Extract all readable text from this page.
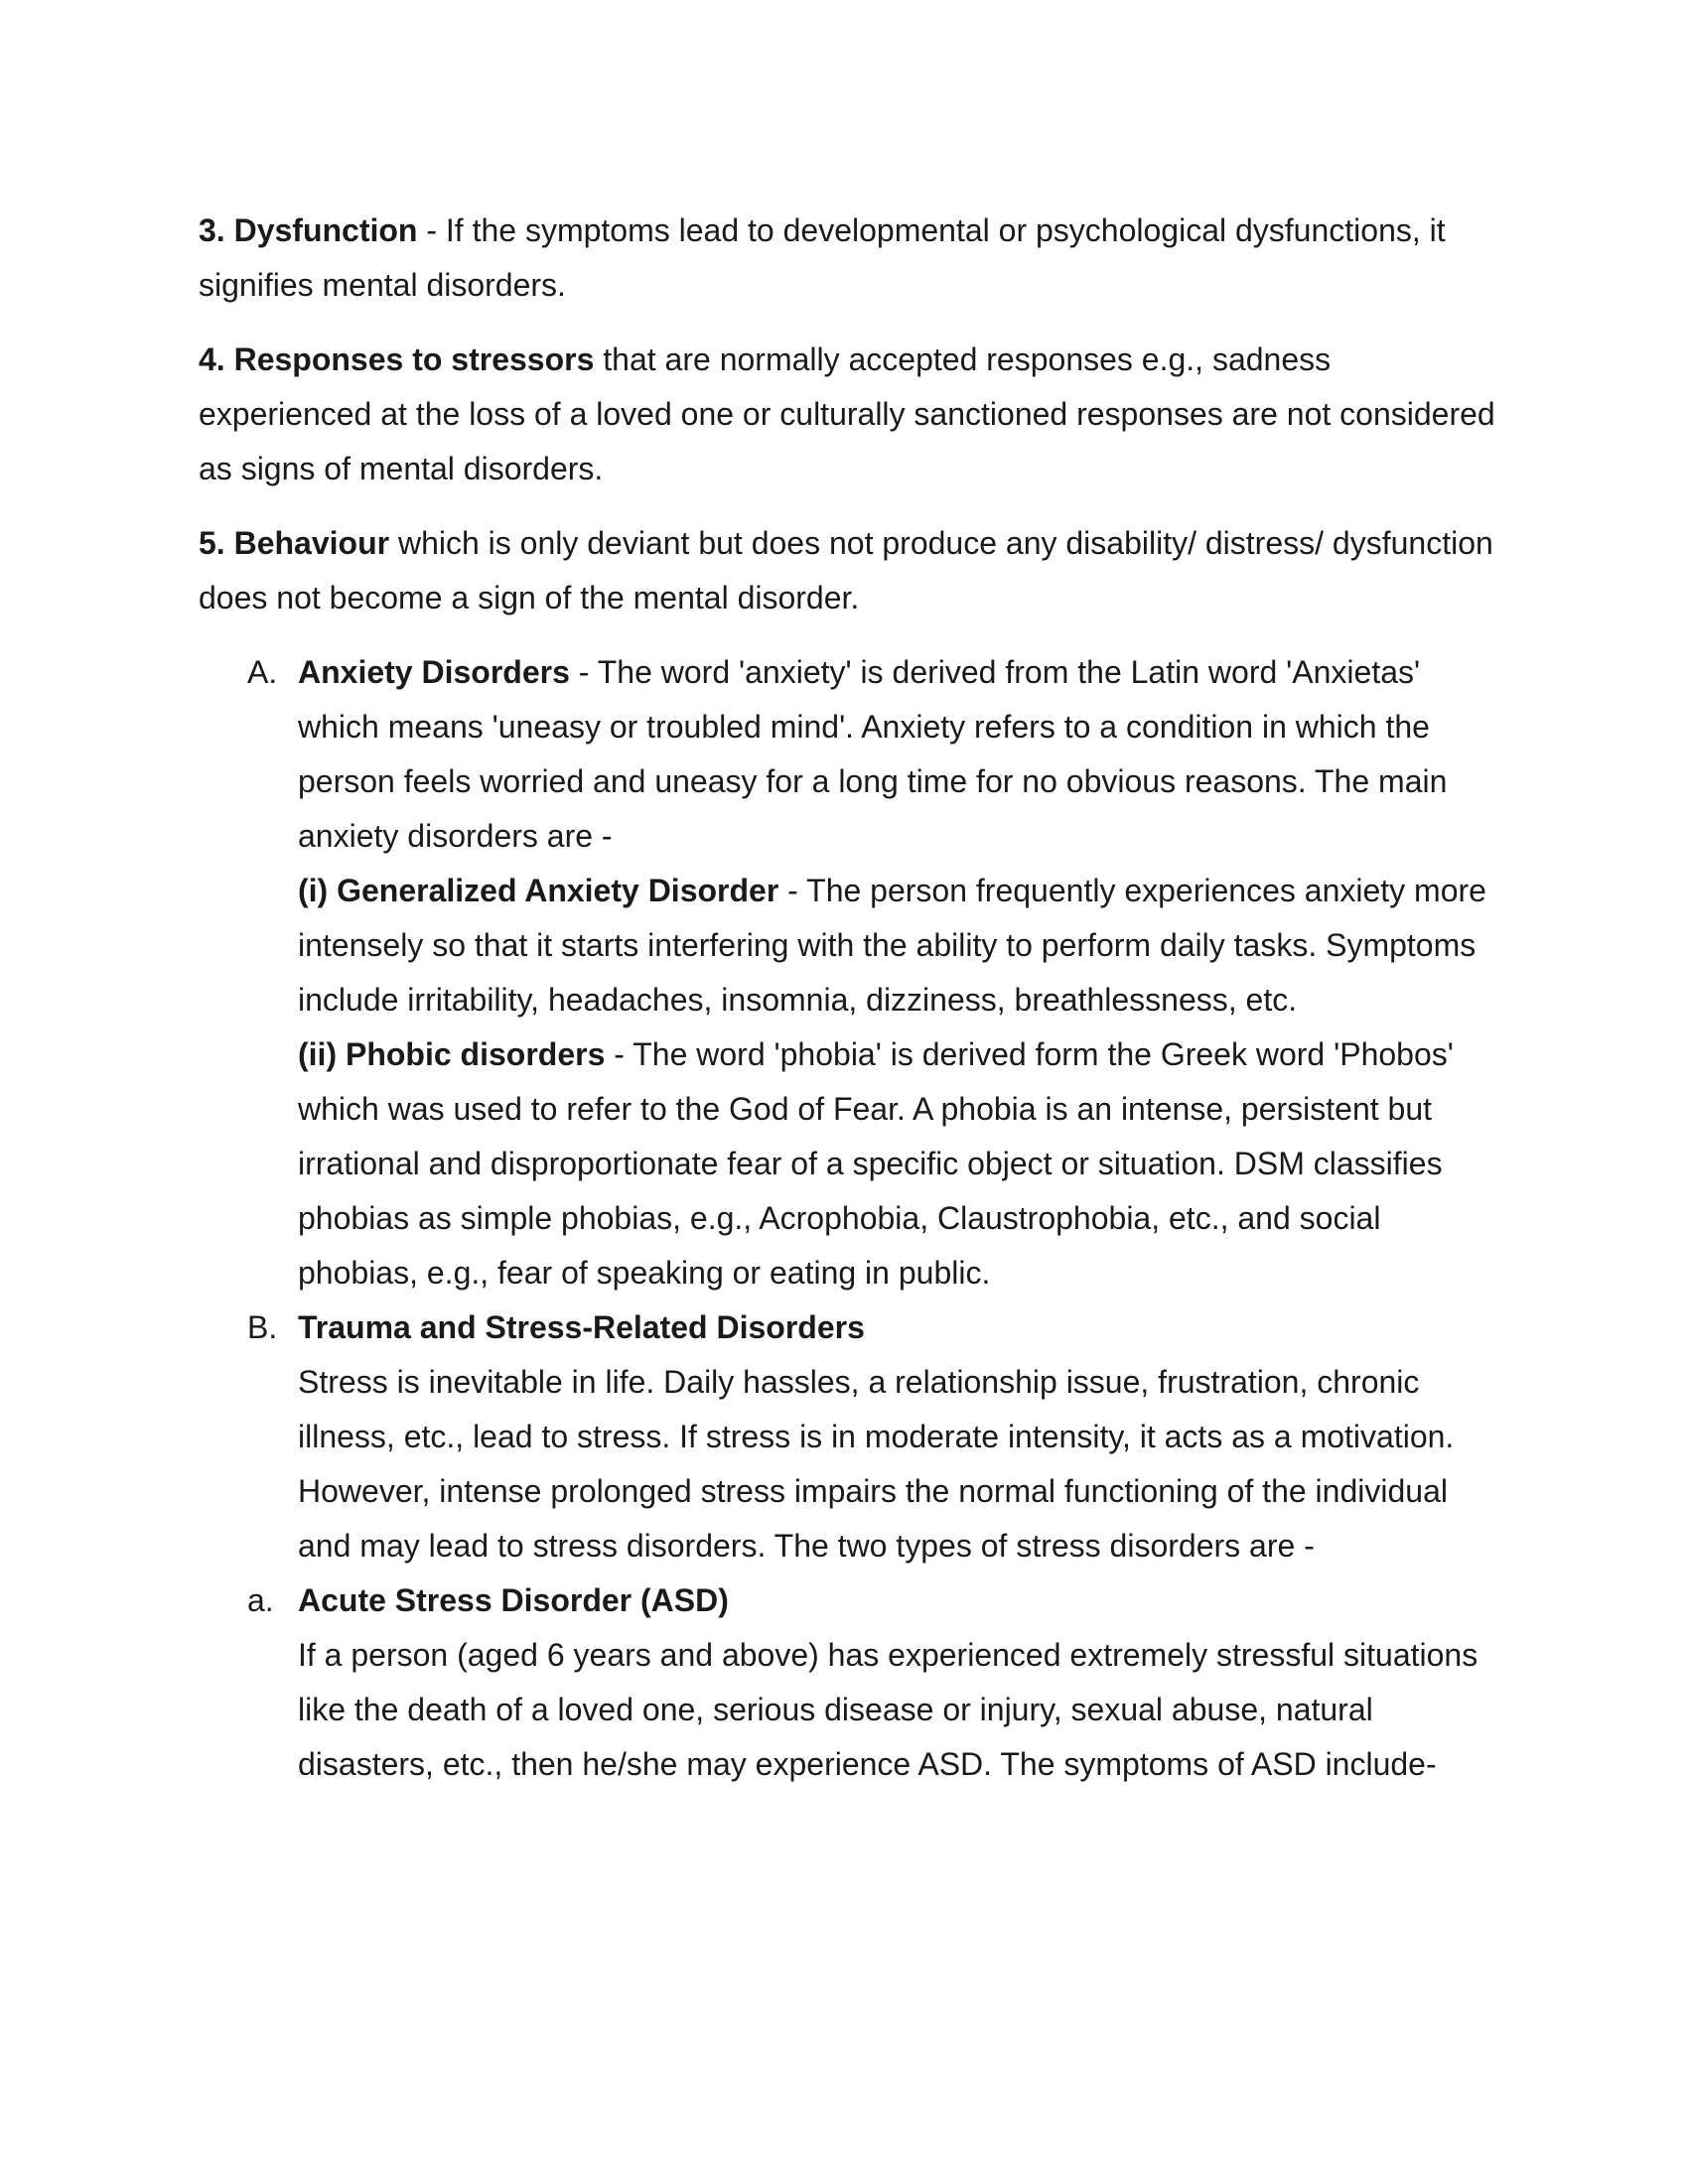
3. Dysfunction - If the symptoms lead to developmental or psychological dysfunctions, it signifies mental disorders.

4. Responses to stressors that are normally accepted responses e.g., sadness experienced at the loss of a loved one or culturally sanctioned responses are not considered as signs of mental disorders.

5. Behaviour which is only deviant but does not produce any disability/ distress/ dysfunction does not become a sign of the mental disorder.

A. Anxiety Disorders - The word 'anxiety' is derived from the Latin word 'Anxietas' which means 'uneasy or troubled mind'. Anxiety refers to a condition in which the person feels worried and uneasy for a long time for no obvious reasons. The main anxiety disorders are -

(i) Generalized Anxiety Disorder - The person frequently experiences anxiety more intensely so that it starts interfering with the ability to perform daily tasks. Symptoms include irritability, headaches, insomnia, dizziness, breathlessness, etc.

(ii) Phobic disorders - The word 'phobia' is derived form the Greek word 'Phobos' which was used to refer to the God of Fear. A phobia is an intense, persistent but irrational and disproportionate fear of a specific object or situation. DSM classifies phobias as simple phobias, e.g., Acrophobia, Claustrophobia, etc., and social phobias, e.g., fear of speaking or eating in public.

B. Trauma and Stress-Related Disorders

Stress is inevitable in life. Daily hassles, a relationship issue, frustration, chronic illness, etc., lead to stress. If stress is in moderate intensity, it acts as a motivation. However, intense prolonged stress impairs the normal functioning of the individual and may lead to stress disorders. The two types of stress disorders are -

a. Acute Stress Disorder (ASD)

If a person (aged 6 years and above) has experienced extremely stressful situations like the death of a loved one, serious disease or injury, sexual abuse, natural disasters, etc., then he/she may experience ASD. The symptoms of ASD include-
